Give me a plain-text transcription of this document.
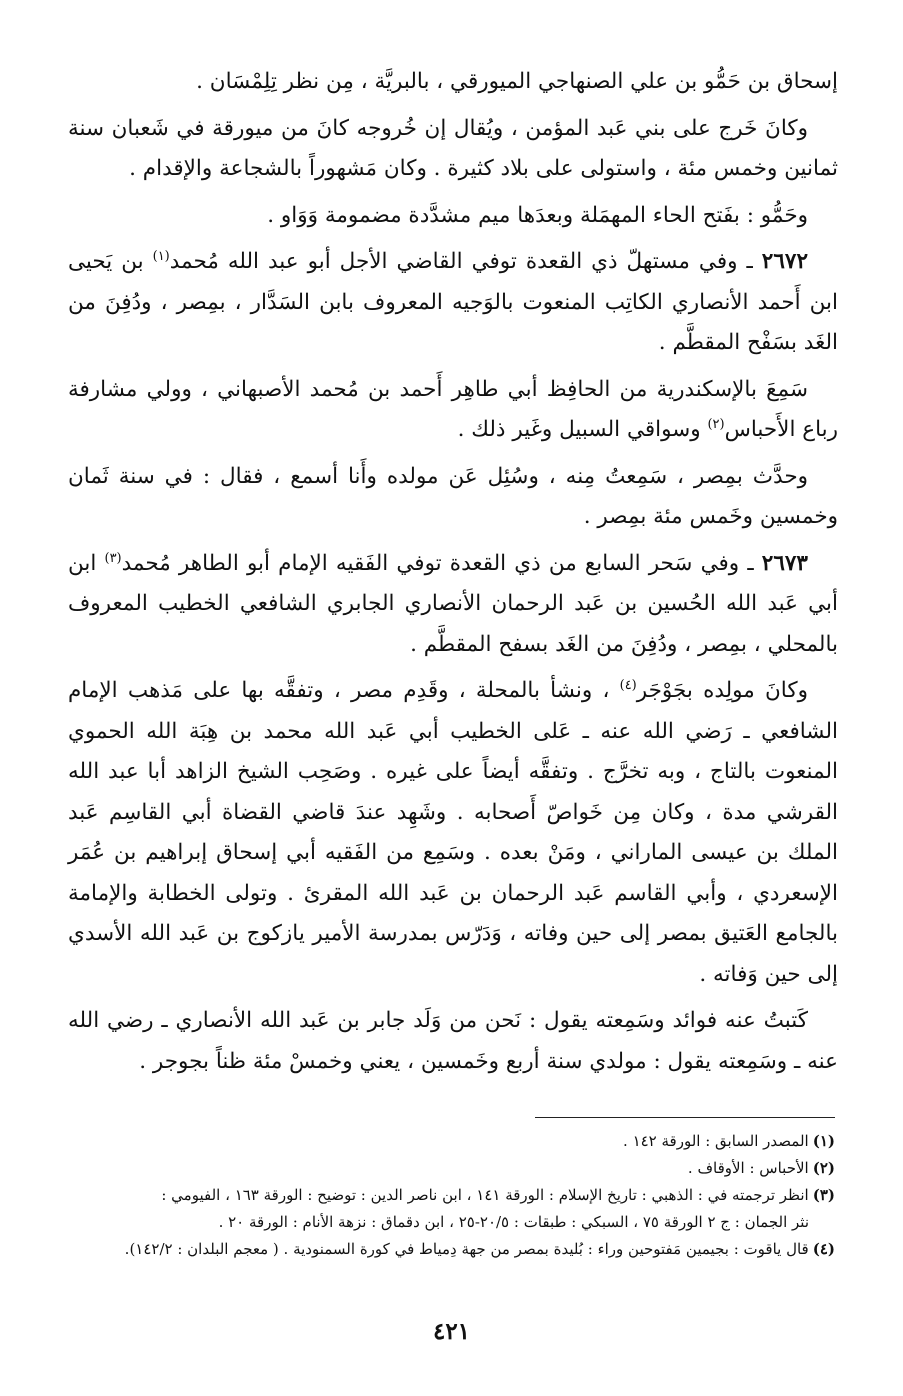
إسحاق بن حَمُّو بن علي الصنهاجي الميورقي ، بالبريَّة ، مِن نظر تِلِمْسَان .

وكانَ خَرج على بني عَبد المؤمن ، ويُقال إن خُروجه كانَ من ميورقة في شَعبان سنة ثمانين وخمس مئة ، واستولى على بلاد كثيرة . وكان مَشهوراً بالشجاعة والإقدام .

وحَمُّو : بفَتح الحاء المهمَلة وبعدَها ميم مشدَّدة مضمومة وَوَاو .

٢٦٧٢ ـ وفي مستهلّ ذي القعدة توفي القاضي الأجل أبو عبد الله مُحمد$^{(١)}$ بن يَحيى ابن أَحمد الأنصاري الكاتِب المنعوت بالوَجيه المعروف بابن السَدَّار ، بمِصر ، ودُفِنَ من الغَد بسَفْح المقطَّم .

سَمِعَ بالإسكندرية من الحافِظ أبي طاهِر أَحمد بن مُحمد الأصبهاني ، وولي مشارفة رباع الأَحباس$^{(٢)}$ وسواقي السبيل وغَير ذلك .

وحدَّث بمِصر ، سَمِعتُ مِنه ، وسُئِل عَن مولده وأَنا أسمع ، فقال : في سنة ثَمان وخمسين وخَمس مئة بمِصر .

٢٦٧٣ ـ وفي سَحر السابع من ذي القعدة توفي الفَقيه الإمام أبو الطاهر مُحمد$^{(٣)}$ ابن أبي عَبد الله الحُسين بن عَبد الرحمان الأنصاري الجابري الشافعي الخطيب المعروف بالمحلي ، بمِصر ، ودُفِنَ من الغَد بسفح المقطَّم .

وكانَ مولِده بجَوْجَر$^{(٤)}$ ، ونشأ بالمحلة ، وقَدِم مصر ، وتفقَّه بها على مَذهب الإمام الشافعي ـ رَضي الله عنه ـ عَلى الخطيب أبي عَبد الله محمد بن هِبَة الله الحموي المنعوت بالتاج ، وبه تخرَّج . وتفقَّه أيضاً على غيره . وصَحِب الشيخ الزاهد أبا عبد الله القرشي مدة ، وكان مِن خَواصّ أَصحابه . وشَهِد عندَ قاضي القضاة أبي القاسِم عَبد الملك بن عيسى الماراني ، ومَنْ بعده . وسَمِع من الفَقيه أبي إسحاق إبراهيم بن عُمَر الإسعردي ، وأبي القاسم عَبد الرحمان بن عَبد الله المقرئ . وتولى الخطابة والإمامة بالجامع العَتيق بمصر إلى حين وفاته ، وَدَرّس بمدرسة الأمير يازكوج بن عَبد الله الأسدي إلى حين وَفاته .

كَتبتُ عنه فوائد وسَمِعته يقول : نَحن من وَلَد جابر بن عَبد الله الأنصاري ـ رضي الله عنه ـ وسَمِعته يقول : مولدي سنة أربع وخَمسين ، يعني وخمسْ مئة ظناً بجوجر .

(١)المصدر السابق : الورقة ١٤٢ .

(٢)الأحباس : الأوقاف .

(٣)انظر ترجمته في : الذهبي : تاريخ الإسلام : الورقة ١٤١ ، ابن ناصر الدين : توضيح : الورقة ١٦٣ ، الفيومي :

نثر الجمان : ج ٢ الورقة ٧٥ ، السبكي : طبقات : ٢٠/٥-٢٥ ، ابن دقماق : نزهة الأنام : الورقة ٢٠ .

(٤)قال ياقوت : بجيمين مَفتوحين وراء : بُليدة بمصر من جهة دِمياط في كورة السمنودية . ( معجم البلدان : ١٤٢/٢).

٤٢١
